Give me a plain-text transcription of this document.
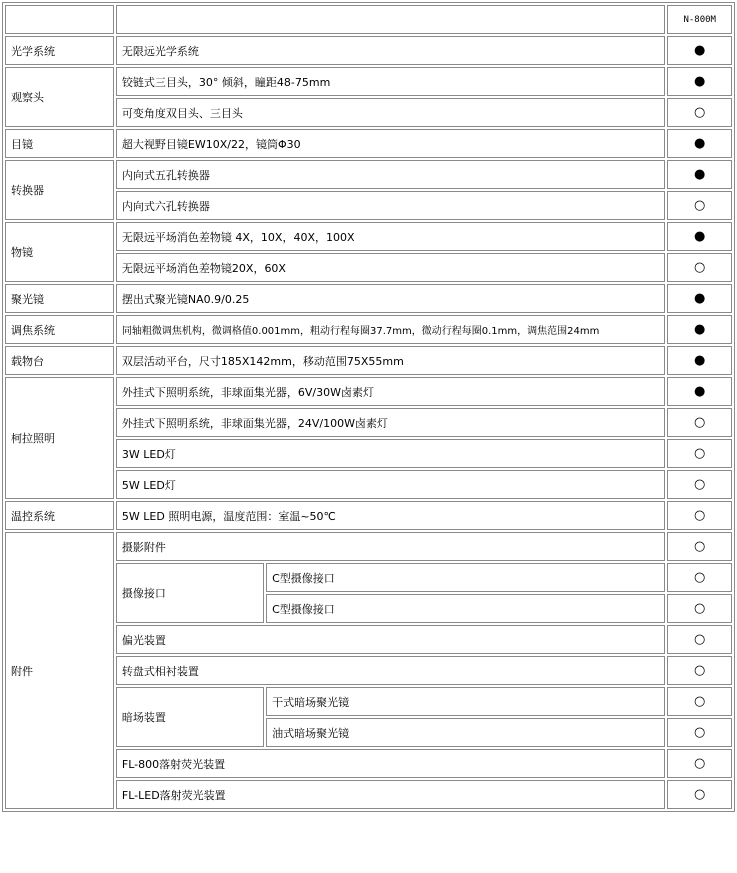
			N-800M
光学系统	无限远光学系统		●
观察头	铰链式三目头，30° 倾斜，瞳距48-75mm		●
	可变角度双目头、三目头		○
目镜	超大视野目镜EW10X/22，镜筒Φ30		●
转换器	内向式五孔转换器		●
	内向式六孔转换器		○
物镜	无限远平场消色差物镜 4X，10X，40X，100X		●
	无限远平场消色差物镜20X，60X		○
聚光镜	摆出式聚光镜NA0.9/0.25		●
调焦系统	同轴粗微调焦机构，微调格值0.001mm，粗动行程每圈37.7mm，微动行程每圈0.1mm，调焦范围24mm		●
载物台	双层活动平台，尺寸185X142mm，移动范围75X55mm		●
柯拉照明	外挂式下照明系统，非球面集光器，6V/30W卤素灯		●
	外挂式下照明系统，非球面集光器，24V/100W卤素灯		○
	3W LED灯		○
	5W LED灯		○
温控系统	5W LED 照明电源，温度范围：室温~50℃		○
附件	摄影附件		○
	摄像接口	C型摄像接口	○
		C型摄像接口	○
	偏光装置		○
	转盘式相衬装置		○
	暗场装置	干式暗场聚光镜	○
		油式暗场聚光镜	○
	FL-800落射荧光装置		○
	FL-LED落射荧光装置		○
